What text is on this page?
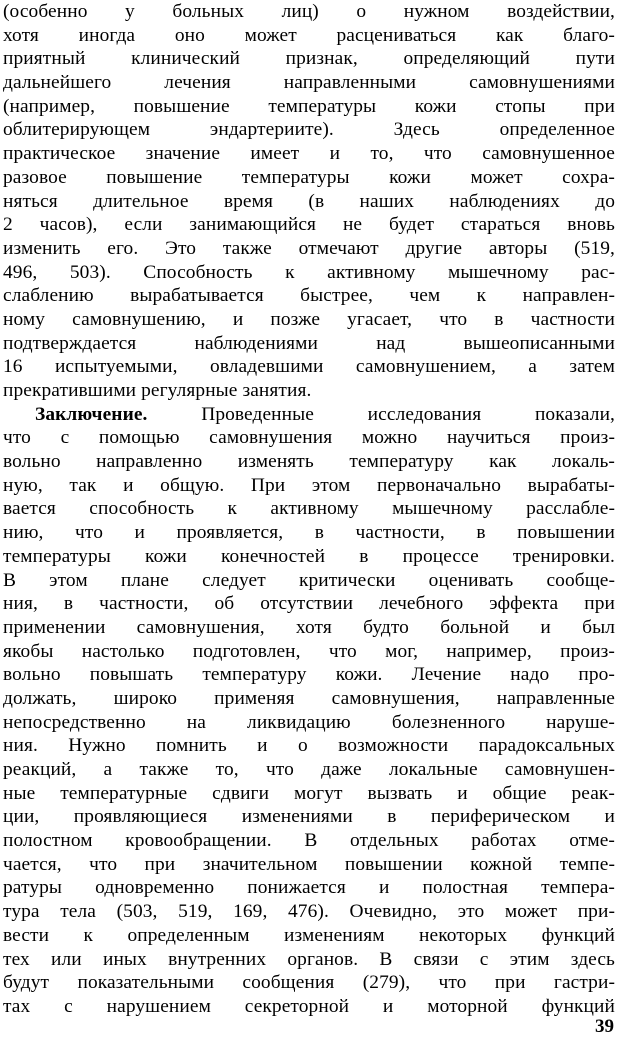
(особенно у больных лиц) о нужном воздействии,
хотя иногда оно может расцениваться как благо-
приятный клинический признак, определяющий пути
дальнейшего лечения направленными самовнушениями
(например, повышение температуры кожи стопы при
облитерирующем эндартериите). Здесь определенное
практическое значение имеет и то, что самовнушенное
разовое повышение температуры кожи может сохра-
няться длительное время (в наших наблюдениях до
2 часов), если занимающийся не будет стараться вновь
изменить его. Это также отмечают другие авторы (519,
496, 503). Способность к активному мышечному рас-
слаблению вырабатывается быстрее, чем к направлен-
ному самовнушению, и позже угасает, что в частности
подтверждается наблюдениями над вышеописанными
16 испытуемыми, овладевшими самовнушением, а затем
прекратившими регулярные занятия.
Заключение. Проведенные исследования показали,
что с помощью самовнушения можно научиться произ-
вольно направленно изменять температуру как локаль-
ную, так и общую. При этом первоначально вырабаты-
вается способность к активному мышечному расслабле-
нию, что и проявляется, в частности, в повышении
температуры кожи конечностей в процессе тренировки.
В этом плане следует критически оценивать сообще-
ния, в частности, об отсутствии лечебного эффекта при
применении самовнушения, хотя будто больной и был
якобы настолько подготовлен, что мог, например, произ-
вольно повышать температуру кожи. Лечение надо про-
должать, широко применяя самовнушения, направленные
непосредственно на ликвидацию болезненного наруше-
ния. Нужно помнить и о возможности парадоксальных
реакций, а также то, что даже локальные самовнушен-
ные температурные сдвиги могут вызвать и общие реак-
ции, проявляющиеся изменениями в периферическом и
полостном кровообращении. В отдельных работах отме-
чается, что при значительном повышении кожной темпе-
ратуры одновременно понижается и полостная темпера-
тура тела (503, 519, 169, 476). Очевидно, это может при-
вести к определенным изменениям некоторых функций
тех или иных внутренних органов. В связи с этим здесь
будут показательными сообщения (279), что при гастри-
тах с нарушением секреторной и моторной функций
39
